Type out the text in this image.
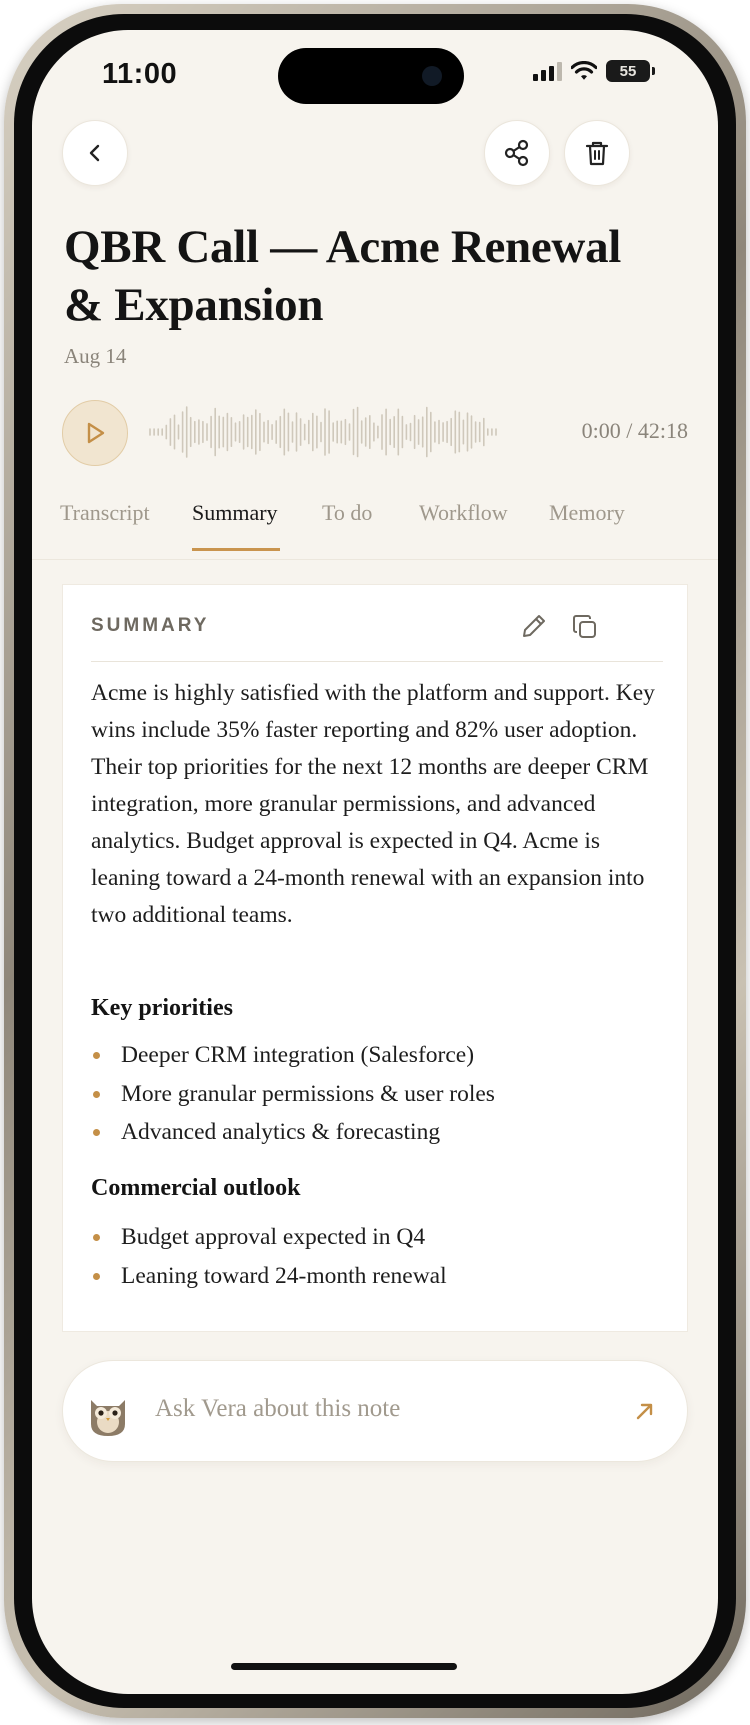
11:00	55
QBR Call — Acme Renewal & Expansion
Aug 14
0:00 / 42:18
Transcript Summary To do Workflow Memory
SUMMARY
Acme is highly satisfied with the platform and support. Key wins include 35% faster reporting and 82% user adoption. Their top priorities for the next 12 months are deeper CRM integration, more granular permissions, and advanced analytics. Budget approval is expected in Q4. Acme is leaning toward a 24-month renewal with an expansion into two additional teams.
Key priorities
Deeper CRM integration (Salesforce)
More granular permissions & user roles
Advanced analytics & forecasting
Commercial outlook
Budget approval expected in Q4
Leaning toward 24-month renewal
Ask Vera about this note
